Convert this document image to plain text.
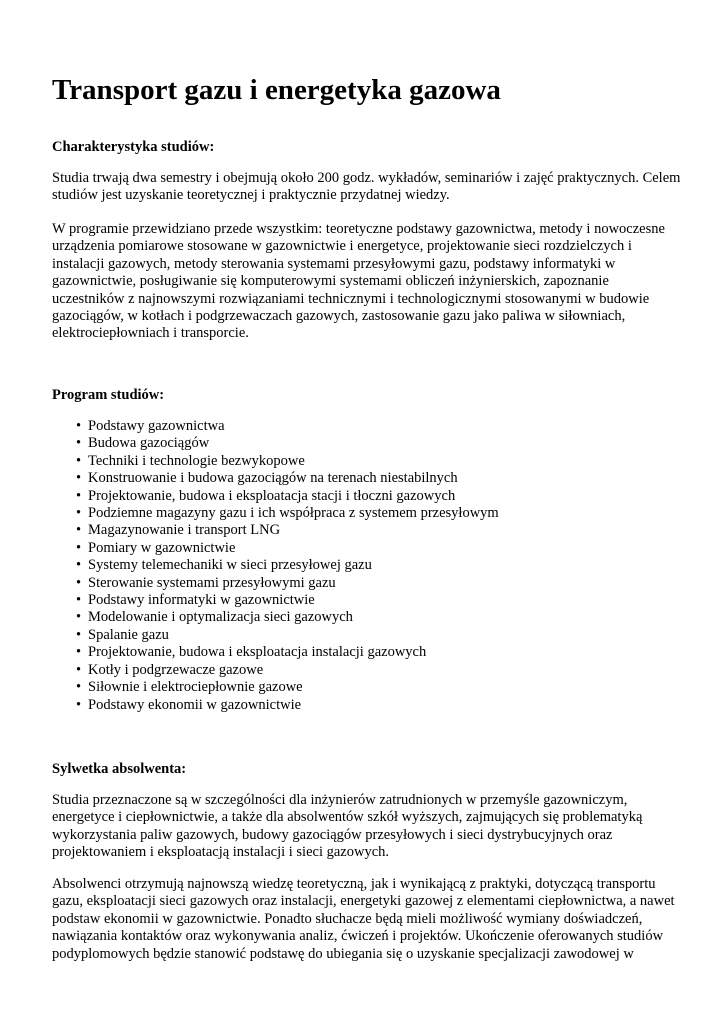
Transport gazu i energetyka gazowa
Charakterystyka studiów:

Studia trwają dwa semestry i obejmują około 200 godz. wykładów, seminariów i zajęć praktycznych. Celem studiów jest uzyskanie teoretycznej i praktycznie przydatnej wiedzy.

W programie przewidziano przede wszystkim: teoretyczne podstawy gazownictwa, metody i nowoczesne urządzenia pomiarowe stosowane w gazownictwie i energetyce, projektowanie sieci rozdzielczych i instalacji gazowych, metody sterowania systemami przesyłowymi gazu, podstawy informatyki w gazownictwie, posługiwanie się komputerowymi systemami obliczeń inżynierskich, zapoznanie uczestników z najnowszymi rozwiązaniami technicznymi i technologicznymi stosowanymi w budowie gazociągów, w kotłach i podgrzewaczach gazowych, zastosowanie gazu jako paliwa w siłowniach, elektrociepłowniach i transporcie.

Program studiów:
• Podstawy gazownictwa
• Budowa gazociągów
• Techniki i technologie bezwykopowe
• Konstruowanie i budowa gazociągów na terenach niestabilnych
• Projektowanie, budowa i eksploatacja stacji i tłoczni gazowych
• Podziemne magazyny gazu i ich współpraca z systemem przesyłowym
• Magazynowanie i transport LNG
• Pomiary w gazownictwie
• Systemy telemechaniki w sieci przesyłowej gazu
• Sterowanie systemami przesyłowymi gazu
• Podstawy informatyki w gazownictwie
• Modelowanie i optymalizacja sieci gazowych
• Spalanie gazu
• Projektowanie, budowa i eksploatacja instalacji gazowych
• Kotły i podgrzewacze gazowe
• Siłownie i elektrociepłownie gazowe
• Podstawy ekonomii w gazownictwie
Sylwetka absolwenta:

Studia przeznaczone są w szczególności dla inżynierów zatrudnionych w przemyśle gazowniczym, energetyce i ciepłownictwie, a także dla absolwentów szkół wyższych, zajmujących się problematyką wykorzystania paliw gazowych, budowy gazociągów przesyłowych i sieci dystrybucyjnych oraz projektowaniem i eksploatacją instalacji i sieci gazowych.

Absolwenci otrzymują najnowszą wiedzę teoretyczną, jak i wynikającą z praktyki, dotyczącą transportu gazu, eksploatacji sieci gazowych oraz instalacji, energetyki gazowej z elementami ciepłownictwa, a nawet podstaw ekonomii w gazownictwie. Ponadto słuchacze będą mieli możliwość wymiany doświadczeń, nawiązania kontaktów oraz wykonywania analiz, ćwiczeń i projektów. Ukończenie oferowanych studiów podyplomowych będzie stanowić podstawę do ubiegania się o uzyskanie specjalizacji zawodowej w
